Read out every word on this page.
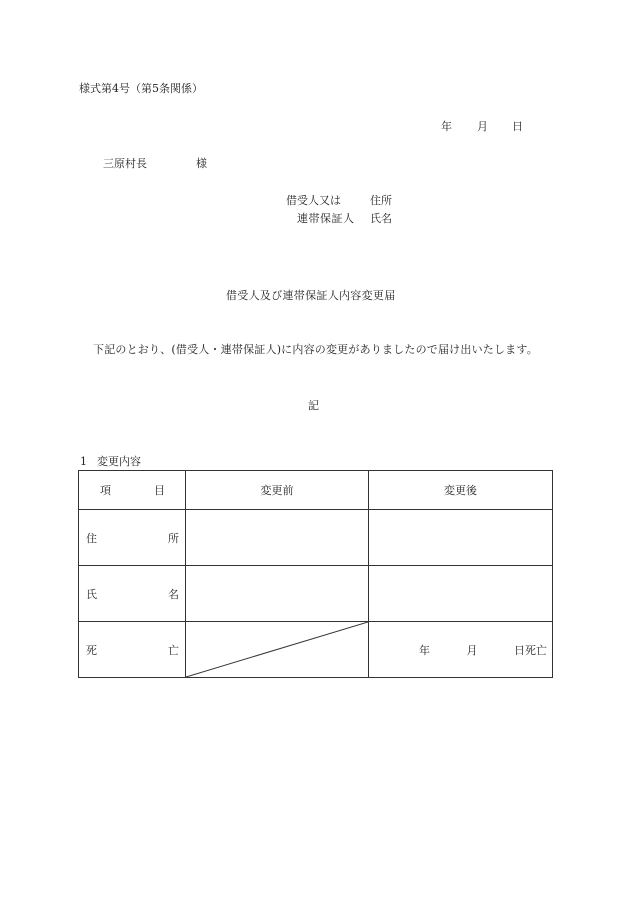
様式第4号（第5条関係）
年 月 日
三原村長	様
借受人又は	住所
連帯保証人 氏名
借受人及び連帯保証人内容変更届
下記のとおり、(借受人・連帯保証人)に内容の変更がありましたので届け出いたします。
記
1 変更内容
項 目	変更前	変更後

住 所		

氏 名		

死 亡		年 月 日死亡
